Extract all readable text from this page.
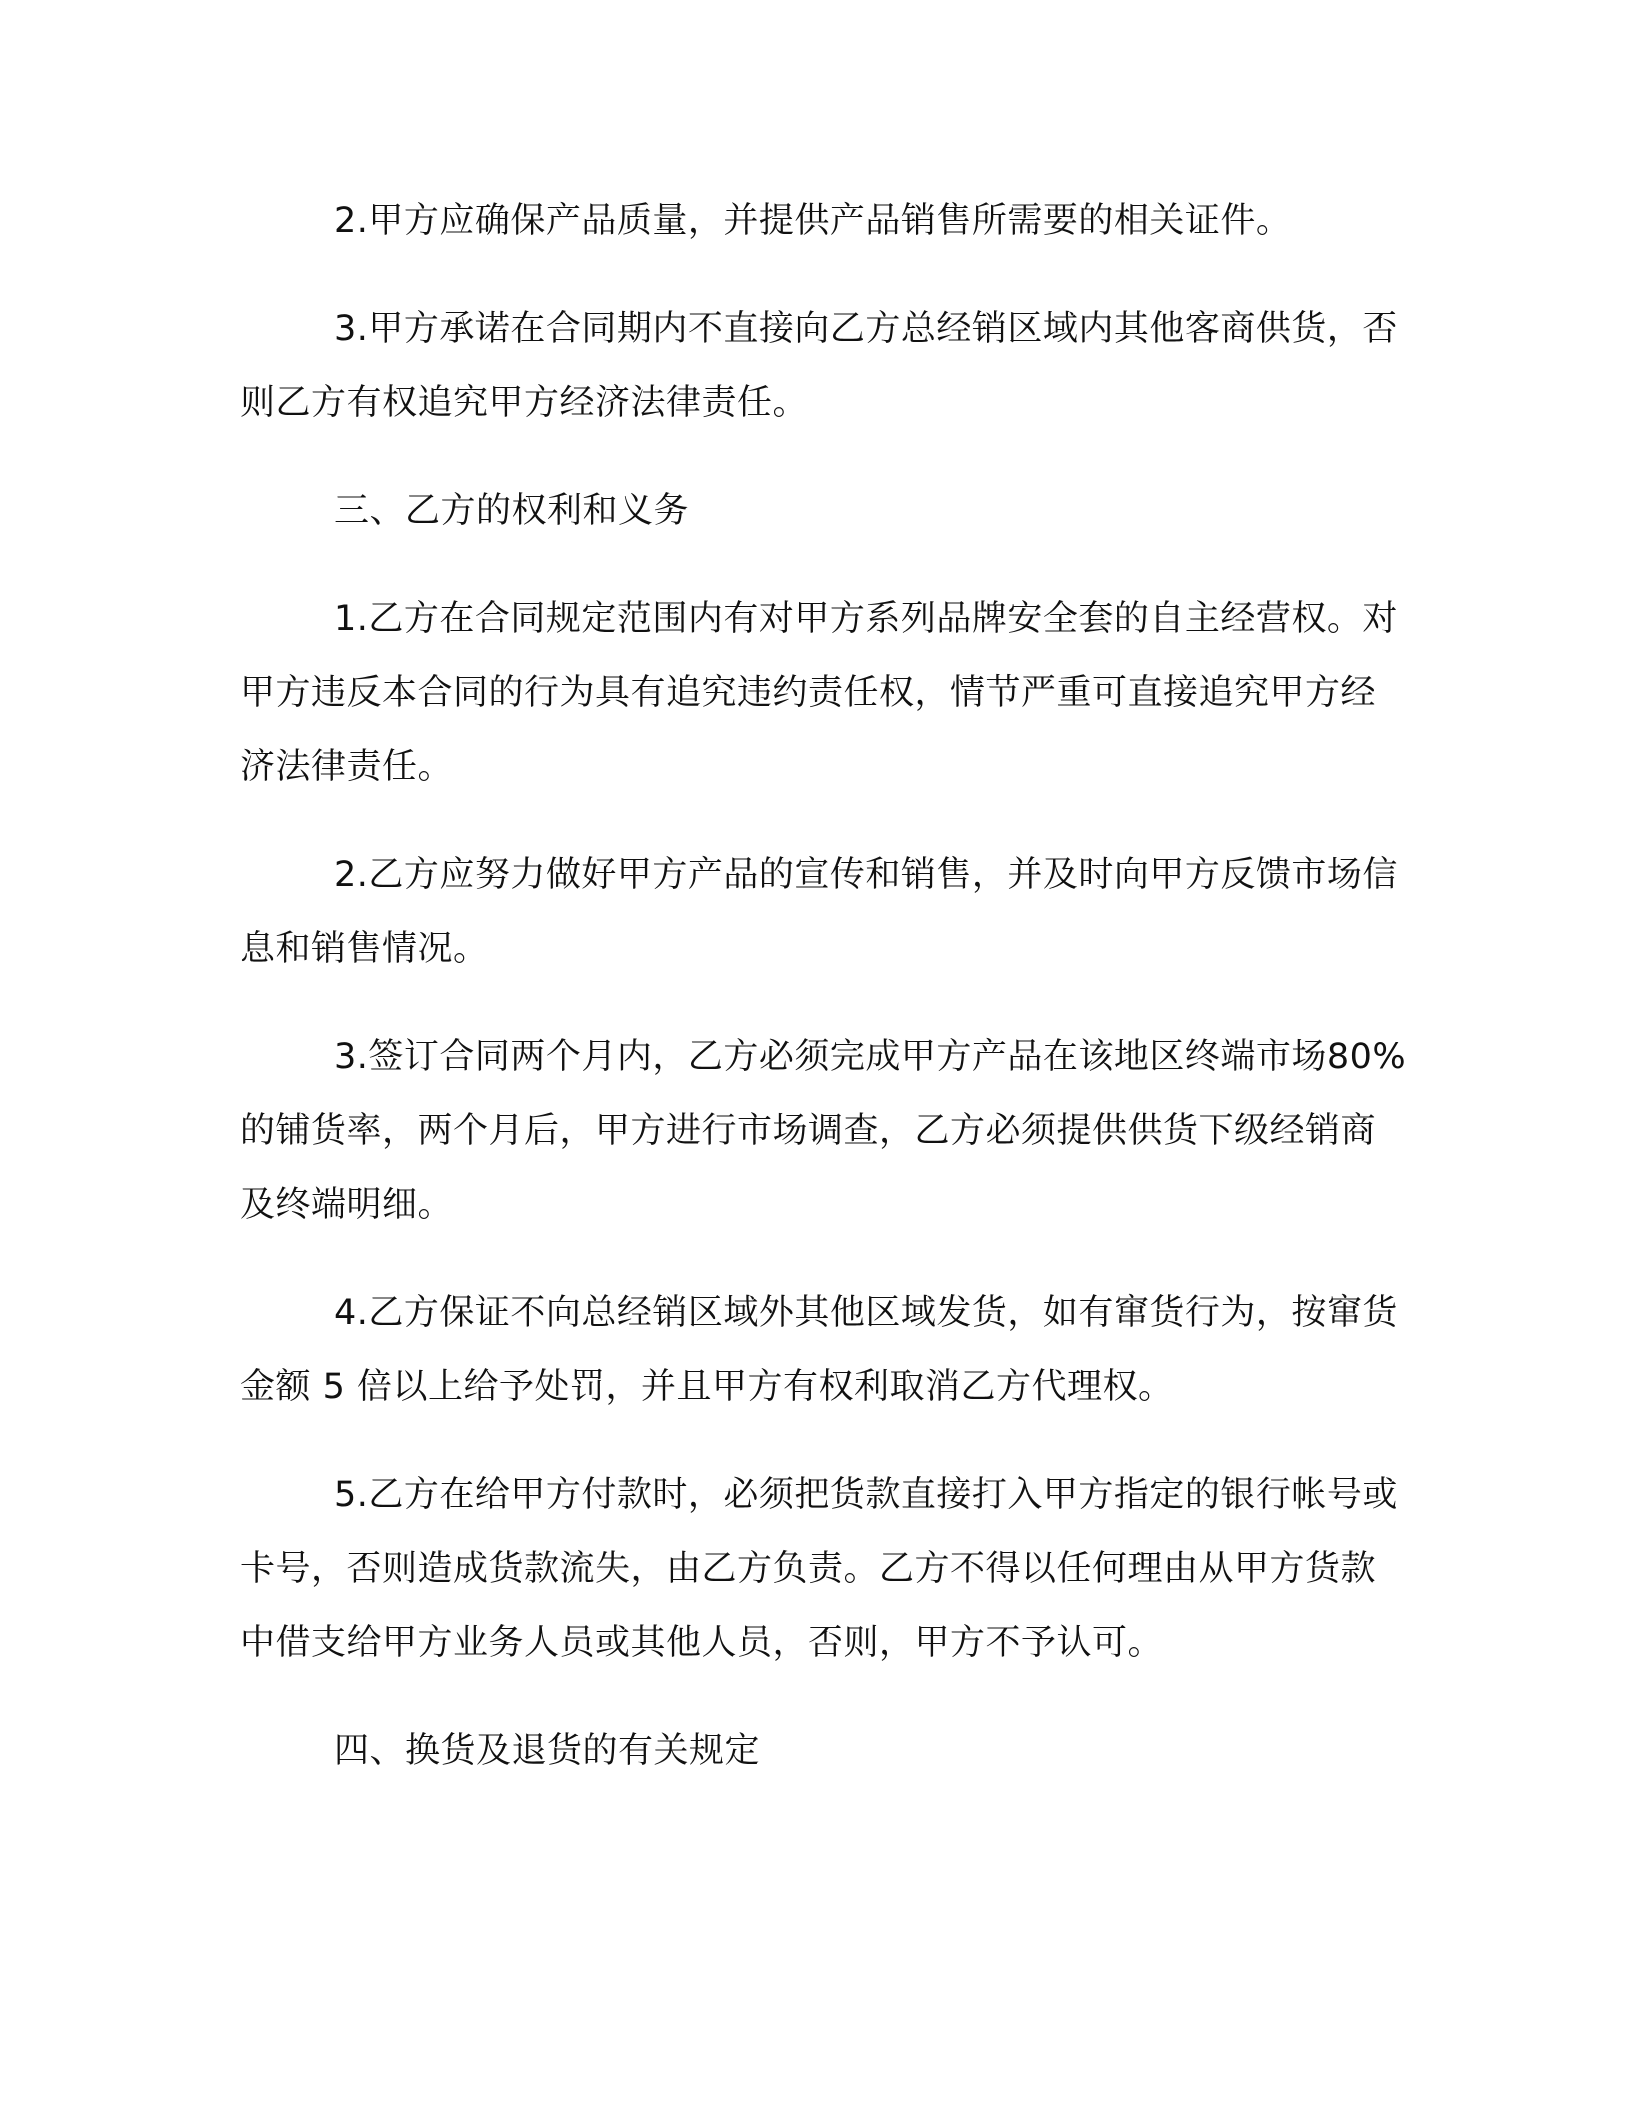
2.甲方应确保产品质量，并提供产品销售所需要的相关证件。

3.甲方承诺在合同期内不直接向乙方总经销区域内其他客商供货，否则乙方有权追究甲方经济法律责任。

三、乙方的权利和义务

1.乙方在合同规定范围内有对甲方系列品牌安全套的自主经营权。对甲方违反本合同的行为具有追究违约责任权，情节严重可直接追究甲方经济法律责任。

2.乙方应努力做好甲方产品的宣传和销售，并及时向甲方反馈市场信息和销售情况。

3.签订合同两个月内，乙方必须完成甲方产品在该地区终端市场80%的铺货率，两个月后，甲方进行市场调查，乙方必须提供供货下级经销商及终端明细。

4.乙方保证不向总经销区域外其他区域发货，如有窜货行为，按窜货金额 5 倍以上给予处罚，并且甲方有权利取消乙方代理权。

5.乙方在给甲方付款时，必须把货款直接打入甲方指定的银行帐号或卡号，否则造成货款流失，由乙方负责。乙方不得以任何理由从甲方货款中借支给甲方业务人员或其他人员，否则，甲方不予认可。

四、换货及退货的有关规定
